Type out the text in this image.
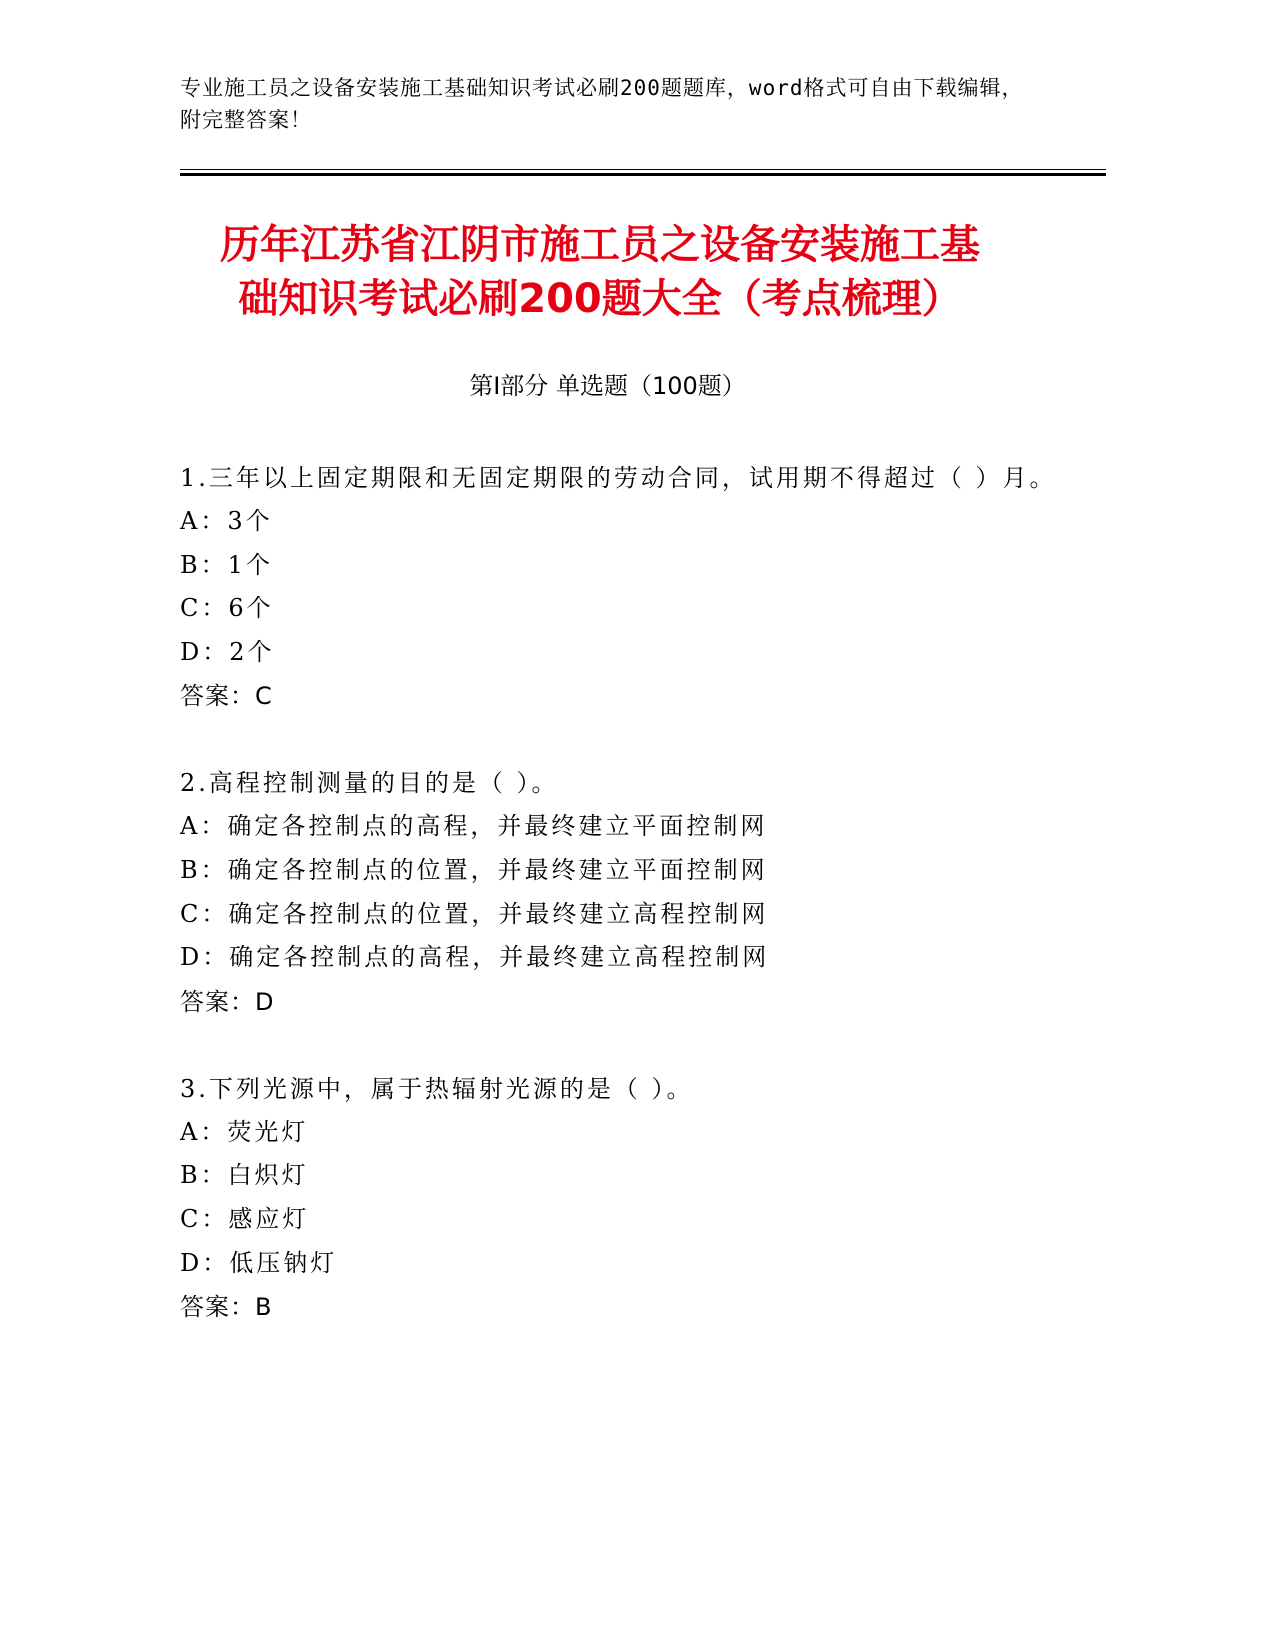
专业施工员之设备安装施工基础知识考试必刷200题题库，word格式可自由下载编辑，附完整答案！
历年江苏省江阴市施工员之设备安装施工基
础知识考试必刷200题大全（考点梳理）
第Ⅰ部分 单选题（100题）
1.三年以上固定期限和无固定期限的劳动合同，试用期不得超过（ ）月。
A：3个
B：1个
C：6个
D：2个
答案：C
2.高程控制测量的目的是（ ）。
A：确定各控制点的高程，并最终建立平面控制网
B：确定各控制点的位置，并最终建立平面控制网
C：确定各控制点的位置，并最终建立高程控制网
D：确定各控制点的高程，并最终建立高程控制网
答案：D
3.下列光源中，属于热辐射光源的是（ ）。
A：荧光灯
B：白炽灯
C：感应灯
D：低压钠灯
答案：B
